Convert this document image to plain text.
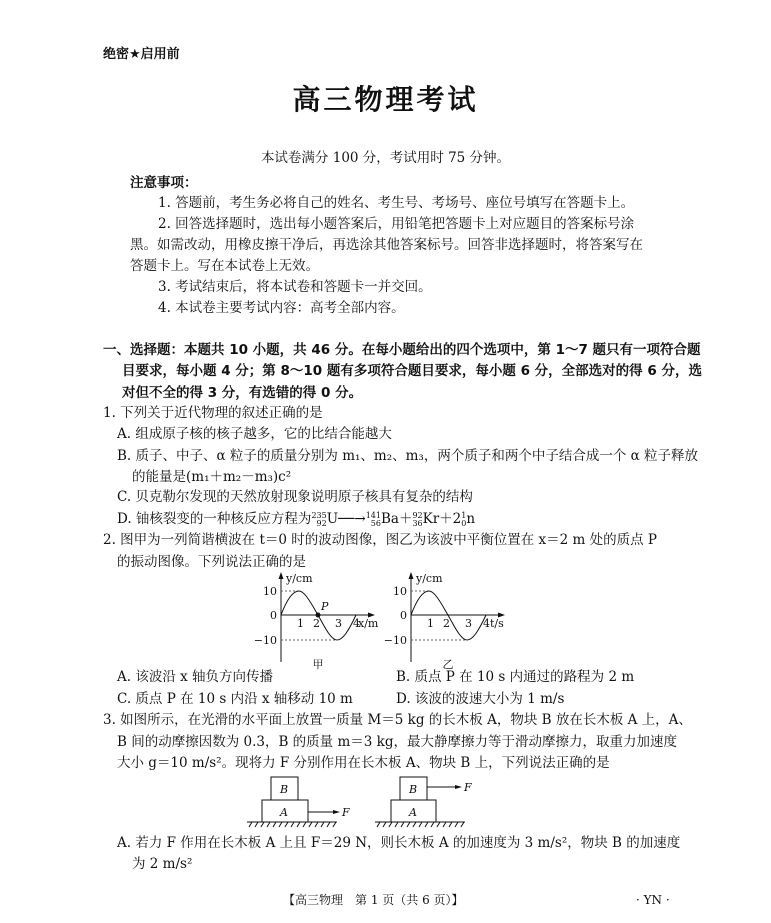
绝密★启用前
高三物理考试
本试卷满分 100 分，考试用时 75 分钟。
注意事项：
1. 答题前，考生务必将自己的姓名、考生号、考场号、座位号填写在答题卡上。
2. 回答选择题时，选出每小题答案后，用铅笔把答题卡上对应题目的答案标号涂
黑。如需改动，用橡皮擦干净后，再选涂其他答案标号。回答非选择题时，将答案写在
答题卡上。写在本试卷上无效。
3. 考试结束后，将本试卷和答题卡一并交回。
4. 本试卷主要考试内容：高考全部内容。
一、选择题：本题共 10 小题，共 46 分。在每小题给出的四个选项中，第 1～7 题只有一项符合题
目要求，每小题 4 分；第 8～10 题有多项符合题目要求，每小题 6 分，全部选对的得 6 分，选
对但不全的得 3 分，有选错的得 0 分。
1. 下列关于近代物理的叙述正确的是
A. 组成原子核的核子越多，它的比结合能越大
B. 质子、中子、α 粒子的质量分别为 m₁、m₂、m₃，两个质子和两个中子结合成一个 α 粒子释放
的能量是(m₁＋m₂－m₃)c²
C. 贝克勒尔发现的天然放射现象说明原子核具有复杂的结构
D. 铀核裂变的一种核反应方程为 235
92 U──→ 141
56 Ba＋ 92
36 Kr＋2 1
0 n
2. 图甲为一列简谐横波在 t＝0 时的波动图像，图乙为该波中平衡位置在 x＝2 m 处的质点 P
的振动图像。下列说法正确的是
y/cm
x/m
P
10
0
−10
1 2 3 4
甲
y/cm
t/s
10
0
−10
1 2 3 4
乙
A. 该波沿 x 轴负方向传播	B. 质点 P 在 10 s 内通过的路程为 2 m
C. 质点 P 在 10 s 内沿 x 轴移动 10 m	D. 该波的波速大小为 1 m/s
3. 如图所示，在光滑的水平面上放置一质量 M＝5 kg 的长木板 A，物块 B 放在长木板 A 上，A、
B 间的动摩擦因数为 0.3，B 的质量 m＝3 kg，最大静摩擦力等于滑动摩擦力，取重力加速度
大小 g＝10 m/s²。现将力 F 分别作用在长木板 A、物块 B 上，下列说法正确的是
A
B
F	A
B	F
A. 若力 F 作用在长木板 A 上且 F＝29 N，则长木板 A 的加速度为 3 m/s²，物块 B 的加速度
为 2 m/s²
【高三物理　第 1 页（共 6 页）】	· YN ·
